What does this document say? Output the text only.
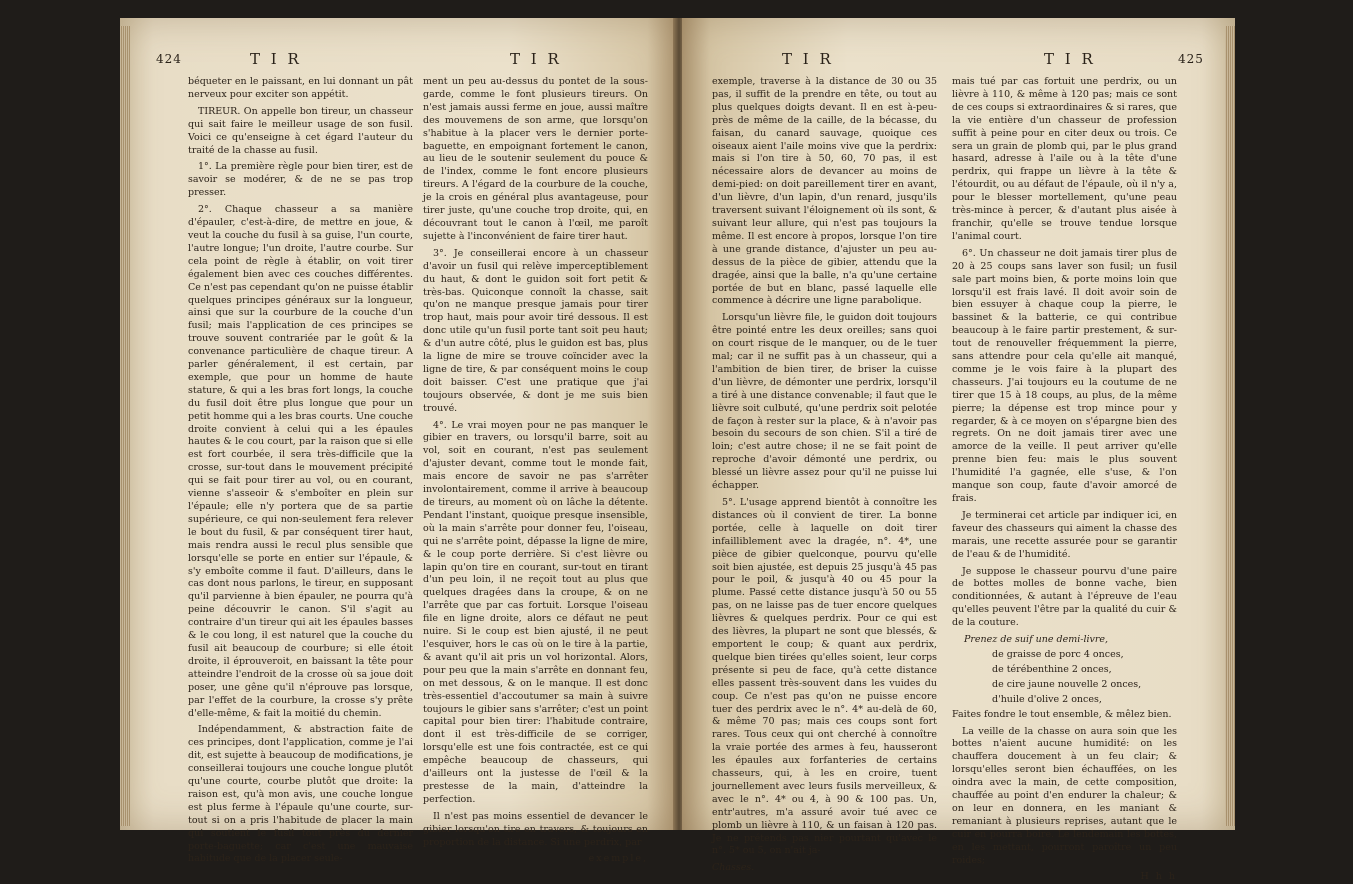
424	T I R	T I R

béqueter en le paissant, en lui donnant un pât nerveux pour exciter son appétit.

TIREUR. On appelle bon tireur, un chasseur qui sait faire le meilleur usage de son fusil. Voici ce qu'enseigne à cet égard l'auteur du traité de la chasse au fusil.

1°. La première règle pour bien tirer, est de savoir se modérer, & de ne se pas trop presser.

2°. Chaque chasseur a sa manière d'épauler, c'est-à-dire, de mettre en joue, & veut la couche du fusil à sa guise, l'un courte, l'autre longue; l'un droite, l'autre courbe. Sur cela point de règle à établir, on voit tirer également bien avec ces couches différentes. Ce n'est pas cependant qu'on ne puisse établir quelques principes généraux sur la longueur, ainsi que sur la courbure de la couche d'un fusil; mais l'application de ces principes se trouve souvent contrariée par le goût & la convenance particulière de chaque tireur. A parler généralement, il est certain, par exemple, que pour un homme de haute stature, & qui a les bras fort longs, la couche du fusil doit être plus longue que pour un petit homme qui a les bras courts. Une couche droite convient à celui qui a les épaules hautes & le cou court, par la raison que si elle est fort courbée, il sera très-difficile que la crosse, sur-tout dans le mouvement précipité qui se fait pour tirer au vol, ou en courant, vienne s'asseoir & s'emboîter en plein sur l'épaule; elle n'y portera que de sa partie supérieure, ce qui non-seulement fera relever le bout du fusil, & par conséquent tirer haut, mais rendra aussi le recul plus sensible que lorsqu'elle se porte en entier sur l'épaule, & s'y emboîte comme il faut. D'ailleurs, dans le cas dont nous parlons, le tireur, en supposant qu'il parvienne à bien épauler, ne pourra qu'à peine découvrir le canon. S'il s'agit au contraire d'un tireur qui ait les épaules basses & le cou long, il est naturel que la couche du fusil ait beaucoup de courbure; si elle étoit droite, il éprouveroit, en baissant la tête pour atteindre l'endroit de la crosse où sa joue doit poser, une gêne qu'il n'éprouve pas lorsque, par l'effet de la courbure, la crosse s'y prête d'elle-même, & fait la moitié du chemin.

Indépendamment, & abstraction faite de ces principes, dont l'application, comme je l'ai dit, est sujette à beaucoup de modifications, je conseillerai toujours une couche longue plutôt qu'une courte, courbe plutôt que droite: la raison est, qu'à mon avis, une couche longue est plus ferme à l'épaule qu'une courte, sur-tout si on a pris l'habitude de placer la main qui soutient le fusil tout près du dernier porte-baguette; car c'est une mauvaise habitude que de la placer seule-

ment un peu au-dessus du pontet de la sous-garde, comme le font plusieurs tireurs. On n'est jamais aussi ferme en joue, aussi maître des mouvemens de son arme, que lorsqu'on s'habitue à la placer vers le dernier porte-baguette, en empoignant fortement le canon, au lieu de le soutenir seulement du pouce & de l'index, comme le font encore plusieurs tireurs. A l'égard de la courbure de la couche, je la crois en général plus avantageuse, pour tirer juste, qu'une couche trop droite, qui, en découvrant tout le canon à l'œil, me paroît sujette à l'inconvénient de faire tirer haut.

3°. Je conseillerai encore à un chasseur d'avoir un fusil qui relève imperceptiblement du haut, & dont le guidon soit fort petit & très-bas. Quiconque connoît la chasse, sait qu'on ne manque presque jamais pour tirer trop haut, mais pour avoir tiré dessous. Il est donc utile qu'un fusil porte tant soit peu haut; & d'un autre côté, plus le guidon est bas, plus la ligne de mire se trouve coïncider avec la ligne de tire, & par conséquent moins le coup doit baisser. C'est une pratique que j'ai toujours observée, & dont je me suis bien trouvé.

4°. Le vrai moyen pour ne pas manquer le gibier en travers, ou lorsqu'il barre, soit au vol, soit en courant, n'est pas seulement d'ajuster devant, comme tout le monde fait, mais encore de savoir ne pas s'arrêter involontairement, comme il arrive à beaucoup de tireurs, au moment où on lâche la détente. Pendant l'instant, quoique presque insensible, où la main s'arrête pour donner feu, l'oiseau, qui ne s'arrête point, dépasse la ligne de mire, & le coup porte derrière. Si c'est lièvre ou lapin qu'on tire en courant, sur-tout en tirant d'un peu loin, il ne reçoit tout au plus que quelques dragées dans la croupe, & on ne l'arrête que par cas fortuit. Lorsque l'oiseau file en ligne droite, alors ce défaut ne peut nuire. Si le coup est bien ajusté, il ne peut l'esquiver, hors le cas où on le tire à la partie, & avant qu'il ait pris un vol horizontal. Alors, pour peu que la main s'arrête en donnant feu, on met dessous, & on le manque. Il est donc très-essentiel d'accoutumer sa main à suivre toujours le gibier sans s'arrêter; c'est un point capital pour bien tirer: l'habitude contraire, dont il est très-difficile de se corriger, lorsqu'elle est une fois contractée, est ce qui empêche beaucoup de chasseurs, qui d'ailleurs ont la justesse de l'œil & la prestesse de la main, d'atteindre la perfection.

Il n'est pas moins essentiel de devancer le gibier lorsqu'on tire en travers, & toujours en proportion de la distance. Si une perdrix, par

exemple,
T I R	T I R	425

exemple, traverse à la distance de 30 ou 35 pas, il suffit de la prendre en tête, ou tout au plus quelques doigts devant. Il en est à-peu-près de même de la caille, de la bécasse, du faisan, du canard sauvage, quoique ces oiseaux aient l'aile moins vive que la perdrix: mais si l'on tire à 50, 60, 70 pas, il est nécessaire alors de devancer au moins de demi-pied: on doit pareillement tirer en avant, d'un lièvre, d'un lapin, d'un renard, jusqu'ils traversent suivant l'éloignement où ils sont, & suivant leur allure, qui n'est pas toujours la même. Il est encore à propos, lorsque l'on tire à une grande distance, d'ajuster un peu au-dessus de la pièce de gibier, attendu que la dragée, ainsi que la balle, n'a qu'une certaine portée de but en blanc, passé laquelle elle commence à décrire une ligne parabolique.

Lorsqu'un lièvre file, le guidon doit toujours être pointé entre les deux oreilles; sans quoi on court risque de le manquer, ou de le tuer mal; car il ne suffit pas à un chasseur, qui a l'ambition de bien tirer, de briser la cuisse d'un lièvre, de démonter une perdrix, lorsqu'il a tiré à une distance convenable; il faut que le lièvre soit culbuté, qu'une perdrix soit pelotée de façon à rester sur la place, & à n'avoir pas besoin du secours de son chien. S'il a tiré de loin; c'est autre chose; il ne se fait point de reproche d'avoir démonté une perdrix, ou blessé un lièvre assez pour qu'il ne puisse lui échapper.

5°. L'usage apprend bientôt à connoître les distances où il convient de tirer. La bonne portée, celle à laquelle on doit tirer infailliblement avec la dragée, n°. 4*, une pièce de gibier quelconque, pourvu qu'elle soit bien ajustée, est depuis 25 jusqu'à 45 pas pour le poil, & jusqu'à 40 ou 45 pour la plume. Passé cette distance jusqu'à 50 ou 55 pas, on ne laisse pas de tuer encore quelques lièvres & quelques perdrix. Pour ce qui est des lièvres, la plupart ne sont que blessés, & emportent le coup; & quant aux perdrix, quelque bien tirées qu'elles soient, leur corps présente si peu de face, qu'à cette distance elles passent très-souvent dans les vuides du coup. Ce n'est pas qu'on ne puisse encore tuer des perdrix avec le n°. 4* au-delà de 60, & même 70 pas; mais ces coups sont fort rares. Tous ceux qui ont cherché à connoître la vraie portée des armes à feu, hausseront les épaules aux forfanteries de certains chasseurs, qui, à les en croire, tuent journellement avec leurs fusils merveilleux, & avec le n°. 4* ou 4, à 90 & 100 pas. Un, entr'autres, m'a assuré avoir tué avec ce plomb un lièvre à 110, & un faisan à 120 pas. Je ne prétends pas nier pourtant qu'avec le n°. 5* ou 5, on n'ait ja-

Chasses.

mais tué par cas fortuit une perdrix, ou un lièvre à 110, & même à 120 pas; mais ce sont de ces coups si extraordinaires & si rares, que la vie entière d'un chasseur de profession suffit à peine pour en citer deux ou trois. Ce sera un grain de plomb qui, par le plus grand hasard, adresse à l'aile ou à la tête d'une perdrix, qui frappe un lièvre à la tête & l'étourdit, ou au défaut de l'épaule, où il n'y a, pour le blesser mortellement, qu'une peau très-mince à percer, & d'autant plus aisée à franchir, qu'elle se trouve tendue lorsque l'animal court.

6°. Un chasseur ne doit jamais tirer plus de 20 à 25 coups sans laver son fusil; un fusil sale part moins bien, & porte moins loin que lorsqu'il est frais lavé. Il doit avoir soin de bien essuyer à chaque coup la pierre, le bassinet & la batterie, ce qui contribue beaucoup à le faire partir prestement, & sur-tout de renouveller fréquemment la pierre, sans attendre pour cela qu'elle ait manqué, comme je le vois faire à la plupart des chasseurs. J'ai toujours eu la coutume de ne tirer que 15 à 18 coups, au plus, de la même pierre; la dépense est trop mince pour y regarder, & à ce moyen on s'épargne bien des regrets. On ne doit jamais tirer avec une amorce de la veille. Il peut arriver qu'elle prenne bien feu: mais le plus souvent l'humidité l'a gagnée, elle s'use, & l'on manque son coup, faute d'avoir amorcé de frais.

Je terminerai cet article par indiquer ici, en faveur des chasseurs qui aiment la chasse des marais, une recette assurée pour se garantir de l'eau & de l'humidité.

Je suppose le chasseur pourvu d'une paire de bottes molles de bonne vache, bien conditionnées, & autant à l'épreuve de l'eau qu'elles peuvent l'être par la qualité du cuir & de la couture.

Prenez de suif une demi-livre,

de graisse de porc 4 onces,

de térébenthine 2 onces,

de cire jaune nouvelle 2 onces,

d'huile d'olive 2 onces,

Faites fondre le tout ensemble, & mêlez bien.

La veille de la chasse on aura soin que les bottes n'aient aucune humidité: on les chauffera doucement à un feu clair; & lorsqu'elles seront bien échauffées, on les oindra avec la main, de cette composition, chauffée au point d'en endurer la chaleur; & on leur en donnera, en les maniant & remaniant à plusieurs reprises, autant que le cuir en pourra boire. Le lendemain les bottes, en les mettant, pourront paroître un peu roides;

H h h
